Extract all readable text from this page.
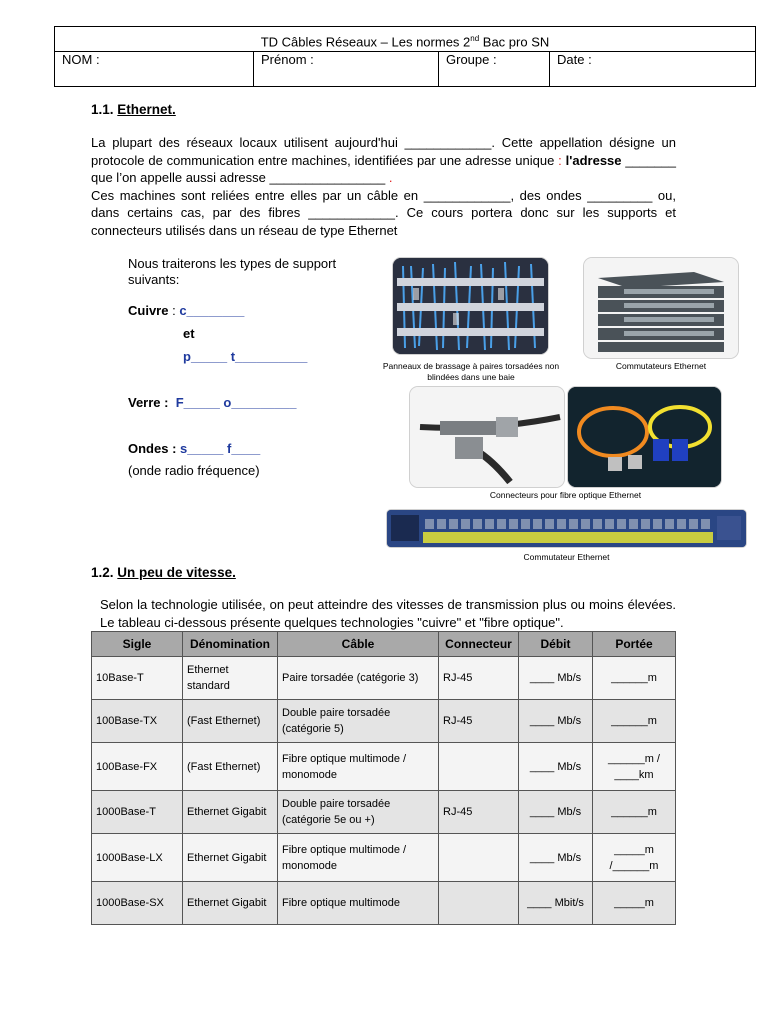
TD Câbles Réseaux – Les normes 2nd Bac pro SN
NOM :	Prénom :	Groupe :	Date :
1.1. Ethernet.
La plupart des réseaux locaux utilisent aujourd'hui ____________. Cette appellation désigne un protocole de communication entre machines, identifiées par une adresse unique : l'adresse _______ que l’on appelle aussi adresse ________________ .
Ces machines sont reliées entre elles par un câble en ____________, des ondes _________ ou, dans certains cas, par des fibres ____________. Ce cours portera donc sur les supports et connecteurs utilisés dans un réseau de type Ethernet
Nous traiterons les types de support suivants:
Cuivre : c________
et
p_____ t__________
Verre : F_____ o_________
Ondes : s_____ f____
(onde radio fréquence)
Panneaux de brassage à paires torsadées non blindées dans une baie
Commutateurs Ethernet
Connecteurs pour fibre optique Ethernet
Commutateur Ethernet
1.2. Un peu de vitesse.
Selon la technologie utilisée, on peut atteindre des vitesses de transmission plus ou moins élevées. Le tableau ci-dessous présente quelques technologies "cuivre" et "fibre optique".
Sigle	Dénomination	Câble	Connecteur	Débit	Portée
10Base-T	Ethernet standard	Paire torsadée (catégorie 3)	RJ-45	____ Mb/s	______m
100Base-TX	(Fast Ethernet)	Double paire torsadée (catégorie 5)	RJ-45	____ Mb/s	______m
100Base-FX	(Fast Ethernet)	Fibre optique multimode / monomode		____ Mb/s	______m / ____km
1000Base-T	Ethernet Gigabit	Double paire torsadée (catégorie 5e ou +)	RJ-45	____ Mb/s	______m
1000Base-LX	Ethernet Gigabit	Fibre optique multimode / monomode		____ Mb/s	_____m /______m
1000Base-SX	Ethernet Gigabit	Fibre optique multimode		____ Mbit/s	_____m
